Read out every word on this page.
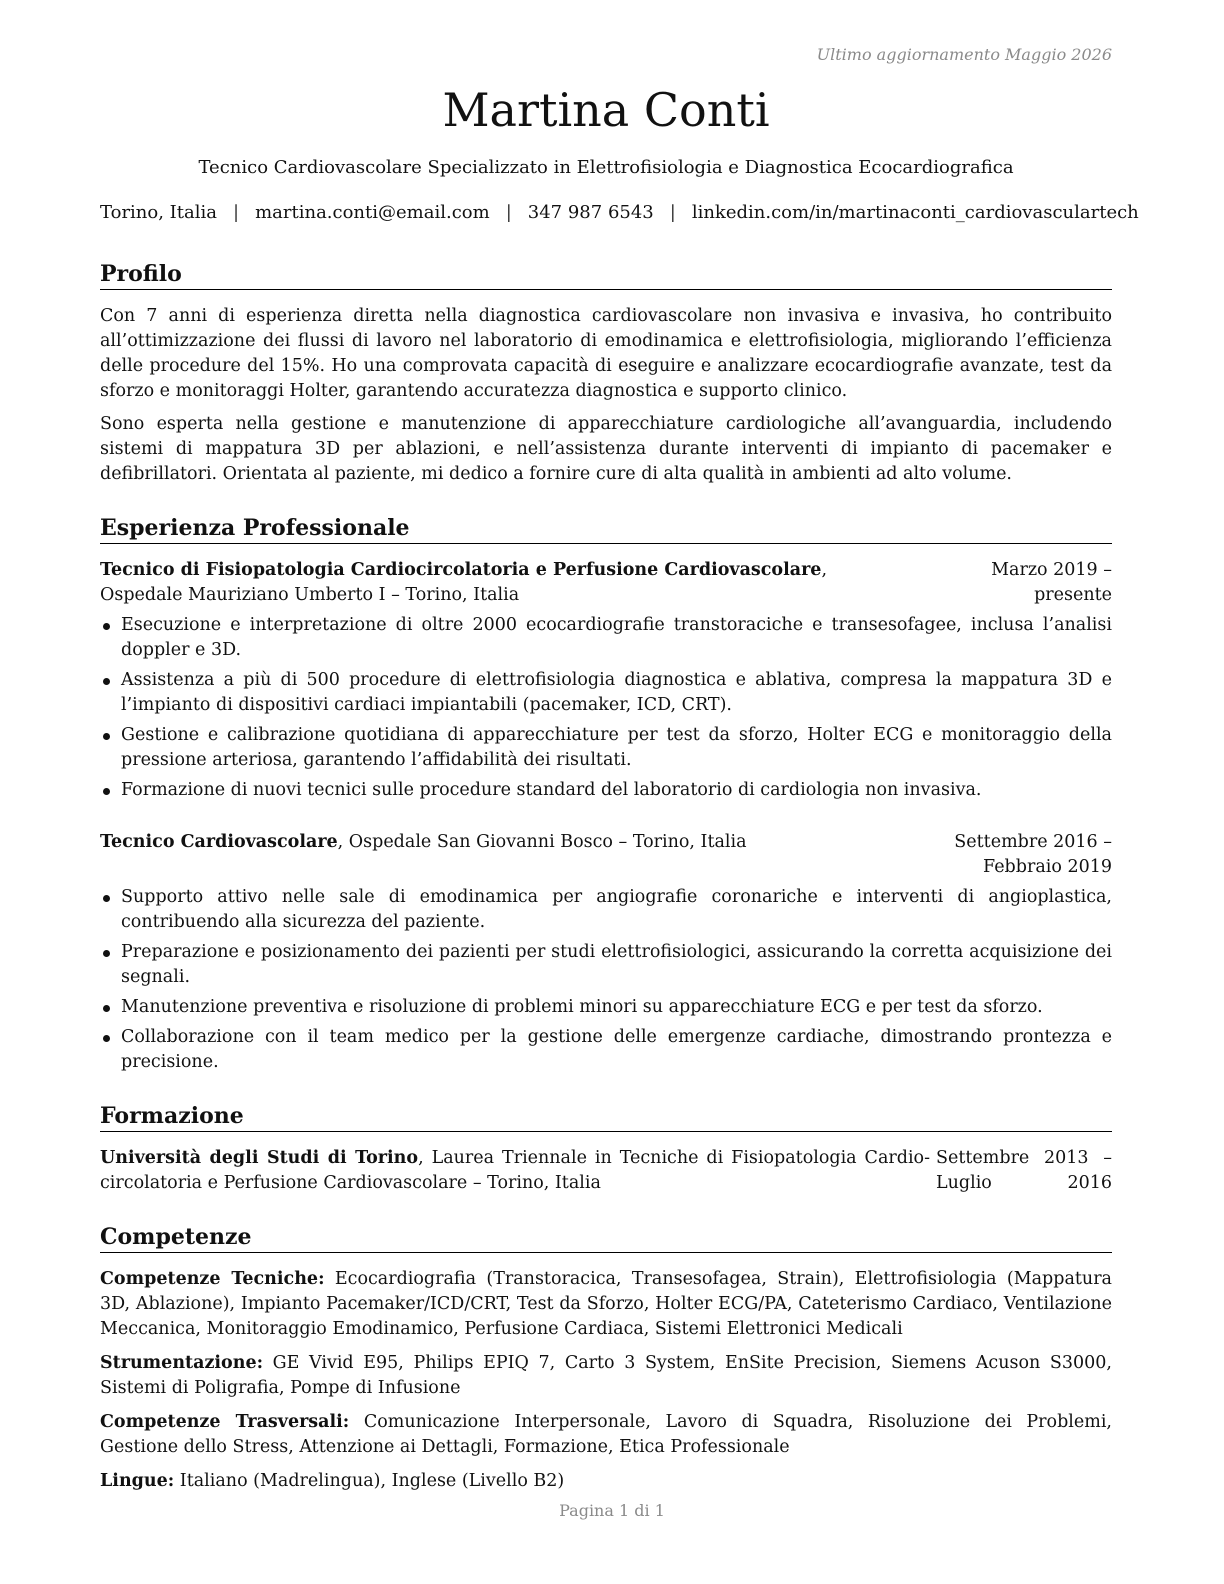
Ultimo aggiornamento Maggio 2026

Martina Conti

Tecnico Cardiovascolare Specializzato in Elettrofisiologia e Diagnostica Ecocardiografica

Torino, Italia | martina.conti@email.com | 347 987 6543 | linkedin.com/in/martinaconti_cardiovasculartech
Profilo

Con 7 anni di esperienza diretta nella diagnostica cardiovascolare non invasiva e invasiva, ho contribuito all’ottimizzazione dei flussi di lavoro nel laboratorio di emodinamica e elettrofisiologia, migliorando l’efficienza delle procedure del 15%. Ho una comprovata capacità di eseguire e analizzare ecocardiografie avanzate, test da sforzo e monitoraggi Holter, garantendo accuratezza diagnostica e supporto clinico.

Sono esperta nella gestione e manutenzione di apparecchiature cardiologiche all’avanguardia, includendo sistemi di mappatura 3D per ablazioni, e nell’assistenza durante interventi di impianto di pacemaker e defibrillatori. Orientata al paziente, mi dedico a fornire cure di alta qualità in ambienti ad alto volume.

Esperienza Professionale
Tecnico di Fisiopatologia Cardiocircolatoria e Perfusione Cardiovascolare, Ospedale Mauriziano Umberto I – Torino, Italia
Marzo 2019 – presente
Esecuzione e interpretazione di oltre 2000 ecocardiografie transtoraciche e transesofagee, inclusa l’analisi doppler e 3D.
Assistenza a più di 500 procedure di elettrofisiologia diagnostica e ablativa, compresa la mappatura 3D e l’impianto di dispositivi cardiaci impiantabili (pacemaker, ICD, CRT).
Gestione e calibrazione quotidiana di apparecchiature per test da sforzo, Holter ECG e monitoraggio della pressione arteriosa, garantendo l’affidabilità dei risultati.
Formazione di nuovi tecnici sulle procedure standard del laboratorio di cardiologia non invasiva.
Tecnico Cardiovascolare, Ospedale San Giovanni Bosco – Torino, Italia	Settembre 2016 – Febbraio 2019
Supporto attivo nelle sale di emodinamica per angiografie coronariche e interventi di angioplastica, contribuendo alla sicurezza del paziente.
Preparazione e posizionamento dei pazienti per studi elettrofisiologici, assicurando la corretta acquisizione dei segnali.
Manutenzione preventiva e risoluzione di problemi minori su apparecchiature ECG e per test da sforzo.
Collaborazione con il team medico per la gestione delle emergenze cardiache, dimostrando prontezza e precisione.
Formazione
Università degli Studi di Torino, Laurea Triennale in Tecniche di Fisiopatologia Cardio-circolatoria e Perfusione Cardiovascolare – Torino, Italia
Settembre 2013 – Luglio 2016
Competenze

Competenze Tecniche: Ecocardiografia (Transtoracica, Transesofagea, Strain), Elettrofisiologia (Mappatura 3D, Ablazione), Impianto Pacemaker/ICD/CRT, Test da Sforzo, Holter ECG/PA, Cateterismo Cardiaco, Ventilazione Meccanica, Monitoraggio Emodinamico, Perfusione Cardiaca, Sistemi Elettronici Medicali

Strumentazione: GE Vivid E95, Philips EPIQ 7, Carto 3 System, EnSite Precision, Siemens Acuson S3000, Sistemi di Poligrafia, Pompe di Infusione

Competenze Trasversali: Comunicazione Interpersonale, Lavoro di Squadra, Risoluzione dei Problemi, Gestione dello Stress, Attenzione ai Dettagli, Formazione, Etica Professionale

Lingue: Italiano (Madrelingua), Inglese (Livello B2)

Pagina 1 di 1
